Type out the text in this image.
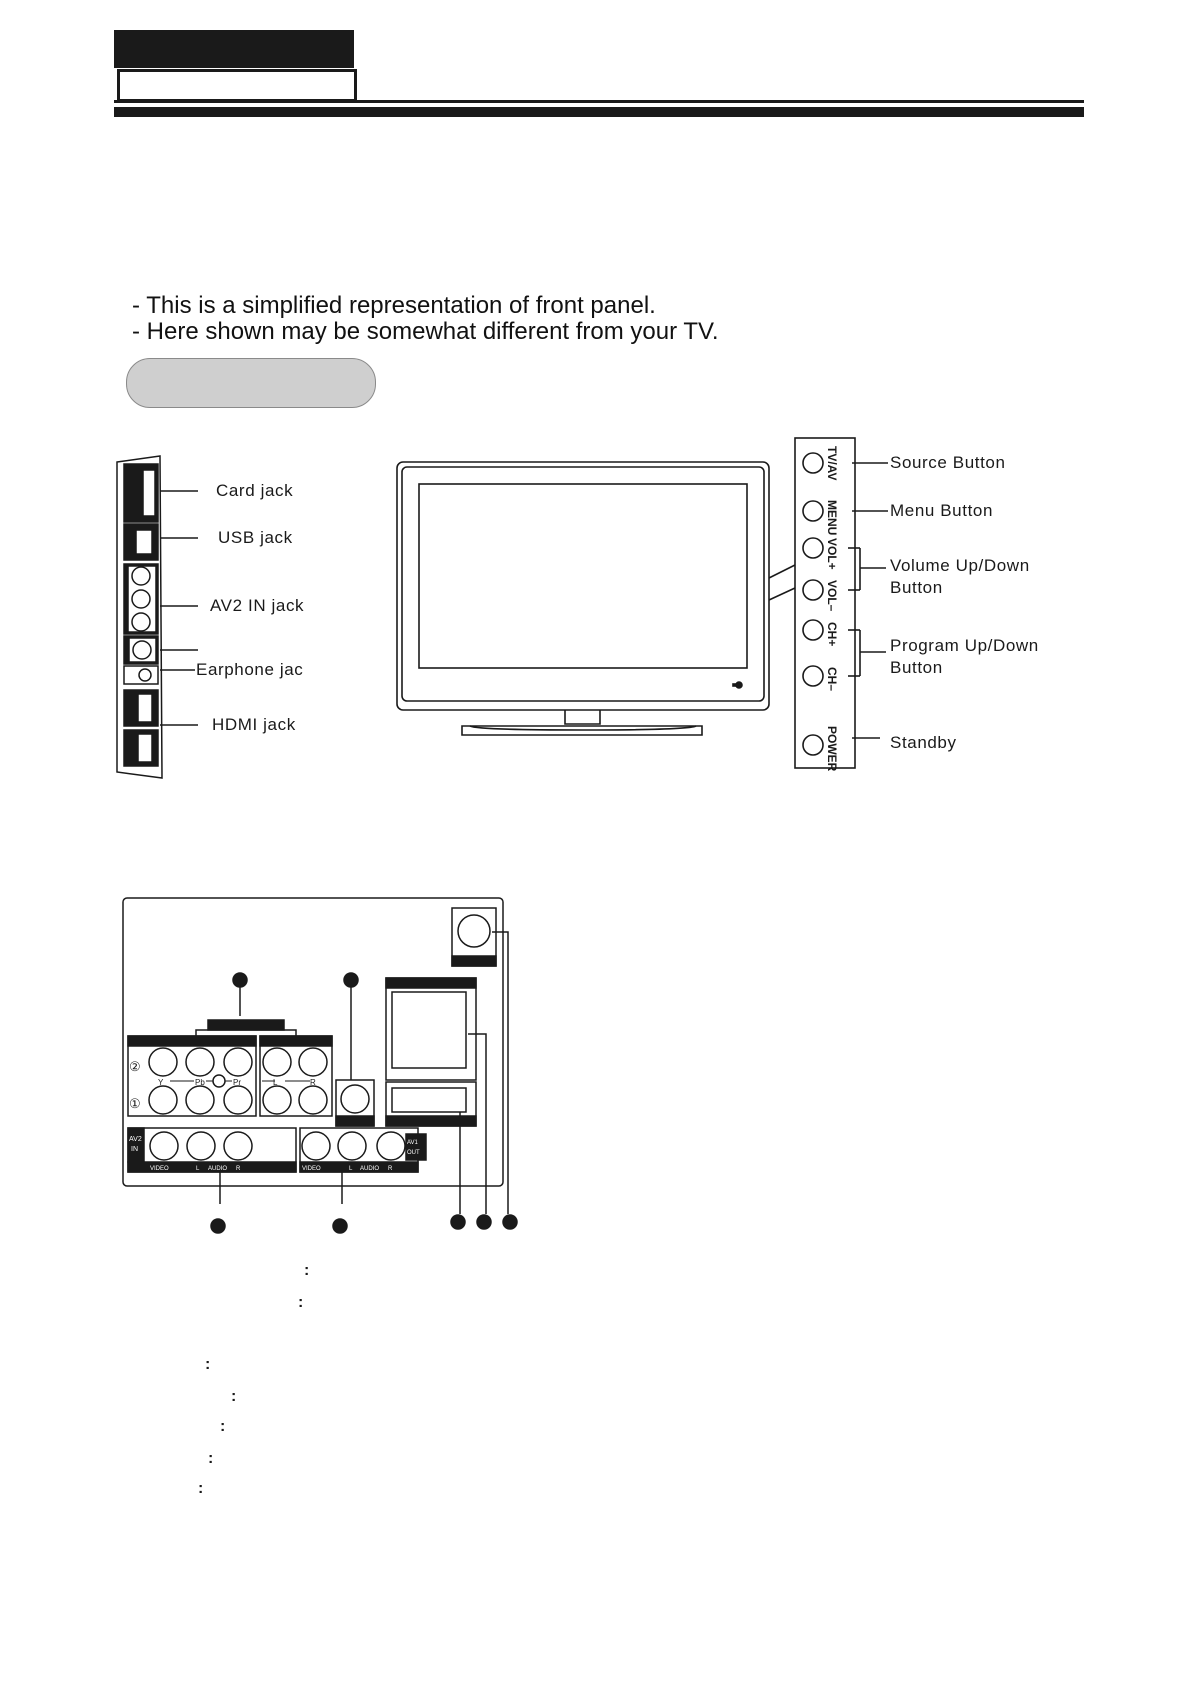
- This is a simplified representation of front panel.
- Here shown may be somewhat different from your TV.
Card jack
USB jack
AV2 IN jack
Earphone jac
HDMI jack
TV/AV
MENU
VOL+
VOL–
CH+
CH–
POWER
Source Button
Menu Button
Volume Up/Down
Button
Program Up/Down
Button
Standby
②
①
Y	Pb	Pr	L	R
AV2
IN
VIDEO	L AUDIO R	VIDEO	L AUDIO R
AV1
OUT
:
:
:
:
:
:
:
